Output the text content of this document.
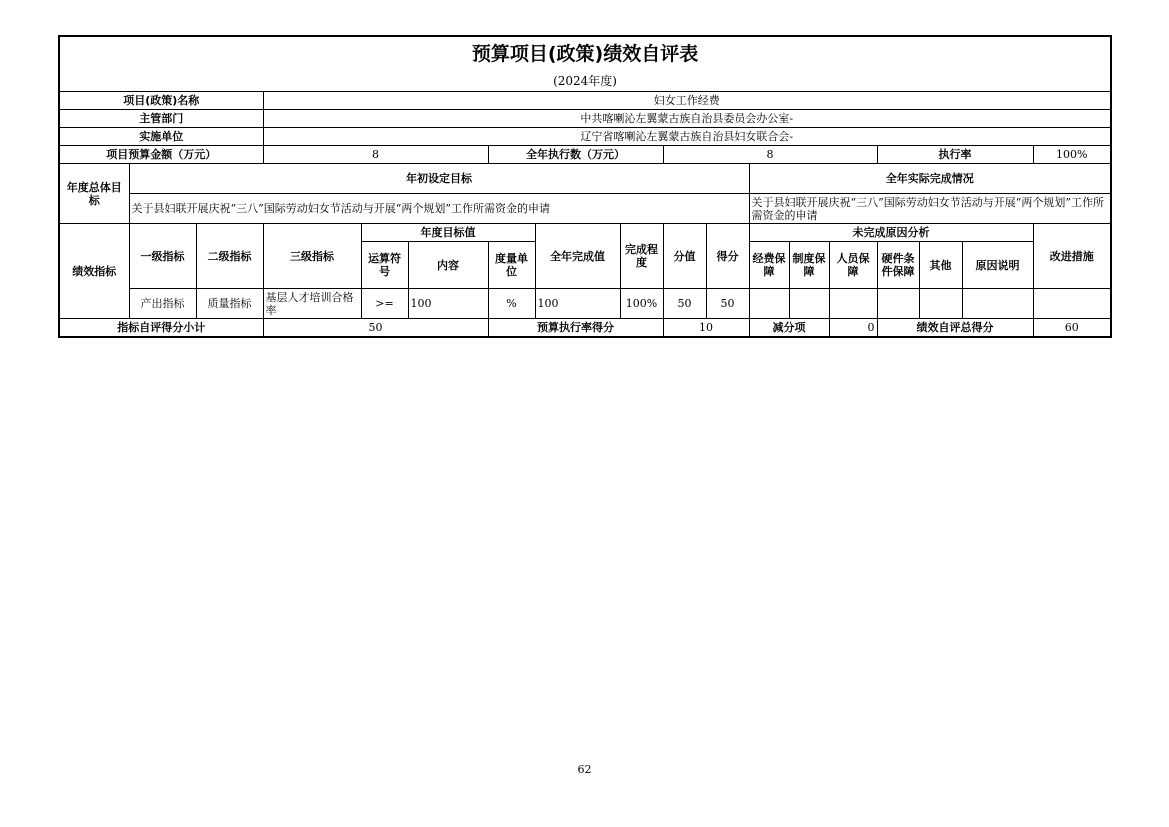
预算项目(政策)绩效自评表																	
(2024年度)																	
项目(政策)名称			妇女工作经费														
主管部门			中共喀喇沁左翼蒙古族自治县委员会办公室-														
实施单位			辽宁省喀喇沁左翼蒙古族自治县妇女联合会-														
项目预算金额（万元）			8			全年执行数（万元）			8					执行率			100%
年度总体目标	年初设定目标										全年实际完成情况						
	关于县妇联开展庆祝“三八”国际劳动妇女节活动与开展“两个规划”工作所需资金的申请										关于县妇联开展庆祝“三八”国际劳动妇女节活动与开展“两个规划”工作所需资金的申请						
绩效指标	一级指标	二级指标	三级指标	年度目标值			全年完成值	完成程度	分值	得分	未完成原因分析						改进措施
				运算符号	内容	度量单位					经费保障	制度保障	人员保障	硬件条件保障	其他	原因说明	
	产出指标	质量指标	基层人才培训合格率	>=	100	%	100	100%	50	50							
指标自评得分小计			50			预算执行率得分			10		减分项		0	绩效自评总得分			60
62
